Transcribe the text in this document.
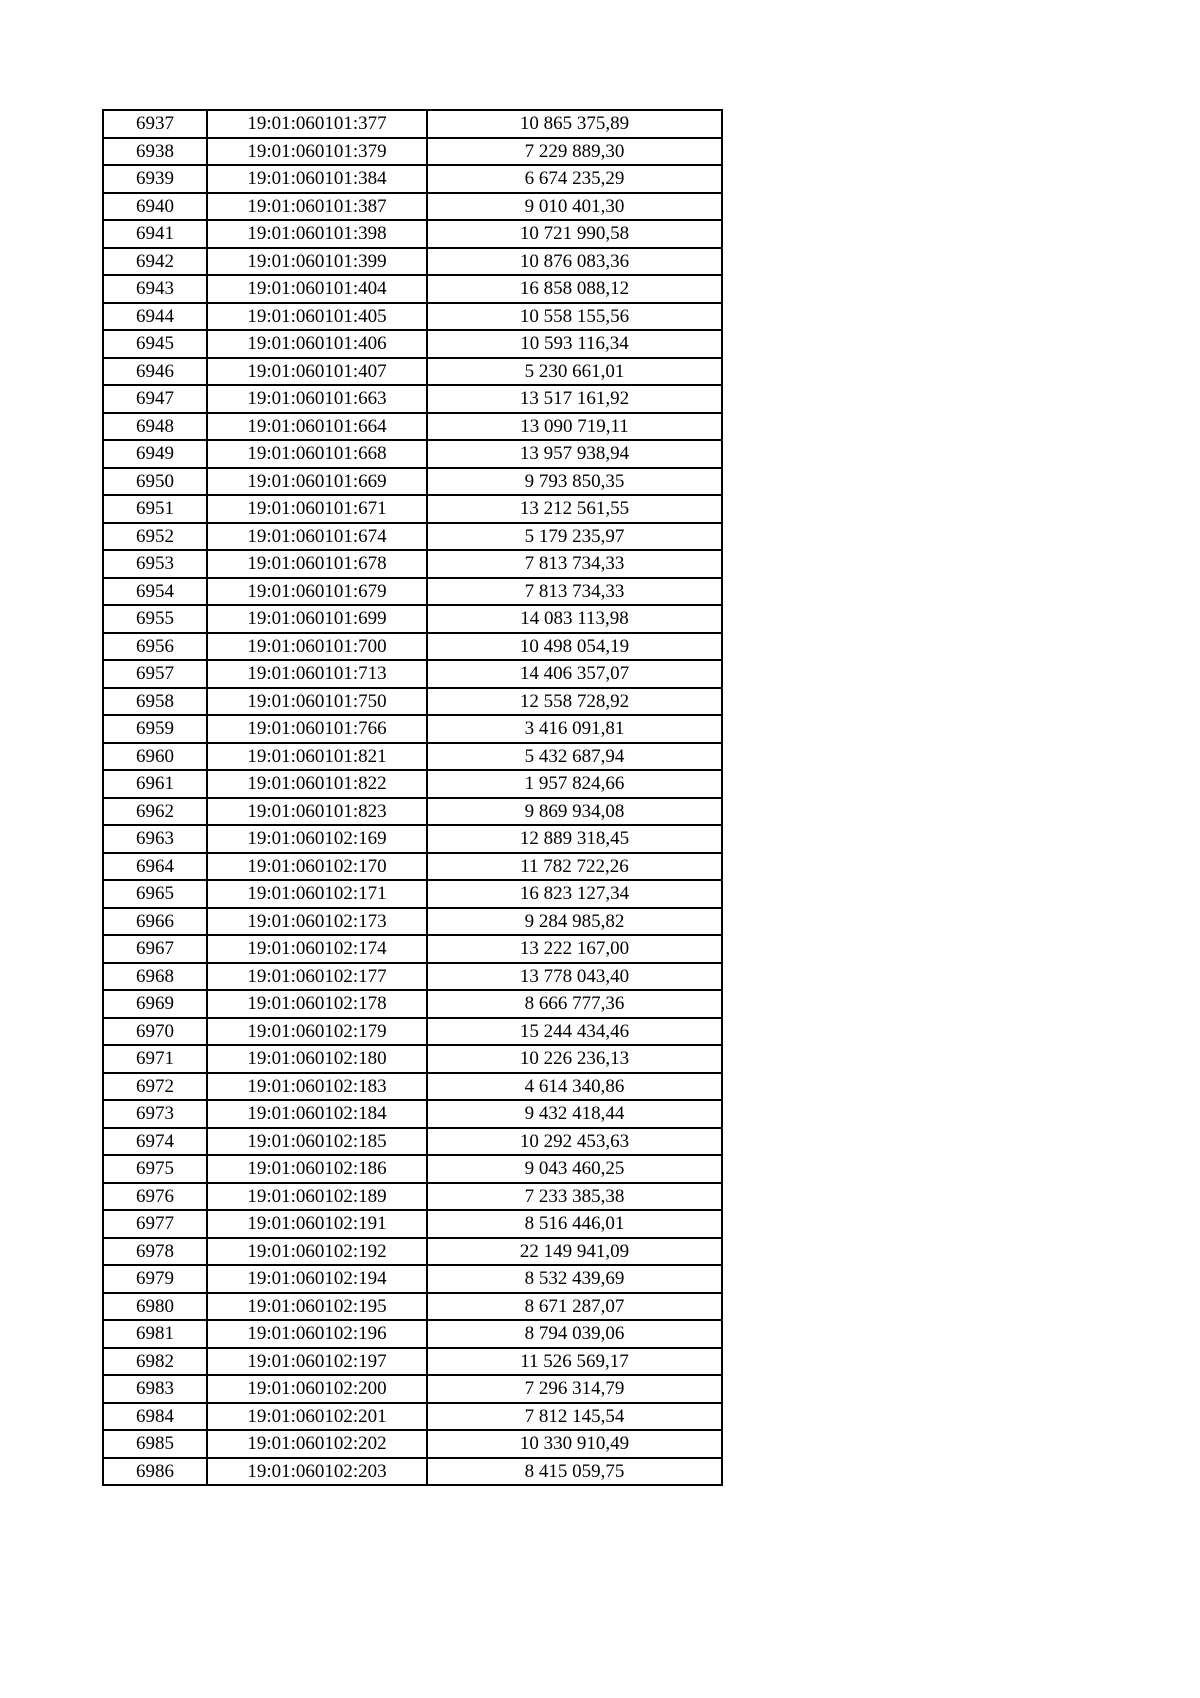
6937	19:01:060101:377	10 865 375,89
6938	19:01:060101:379	7 229 889,30
6939	19:01:060101:384	6 674 235,29
6940	19:01:060101:387	9 010 401,30
6941	19:01:060101:398	10 721 990,58
6942	19:01:060101:399	10 876 083,36
6943	19:01:060101:404	16 858 088,12
6944	19:01:060101:405	10 558 155,56
6945	19:01:060101:406	10 593 116,34
6946	19:01:060101:407	5 230 661,01
6947	19:01:060101:663	13 517 161,92
6948	19:01:060101:664	13 090 719,11
6949	19:01:060101:668	13 957 938,94
6950	19:01:060101:669	9 793 850,35
6951	19:01:060101:671	13 212 561,55
6952	19:01:060101:674	5 179 235,97
6953	19:01:060101:678	7 813 734,33
6954	19:01:060101:679	7 813 734,33
6955	19:01:060101:699	14 083 113,98
6956	19:01:060101:700	10 498 054,19
6957	19:01:060101:713	14 406 357,07
6958	19:01:060101:750	12 558 728,92
6959	19:01:060101:766	3 416 091,81
6960	19:01:060101:821	5 432 687,94
6961	19:01:060101:822	1 957 824,66
6962	19:01:060101:823	9 869 934,08
6963	19:01:060102:169	12 889 318,45
6964	19:01:060102:170	11 782 722,26
6965	19:01:060102:171	16 823 127,34
6966	19:01:060102:173	9 284 985,82
6967	19:01:060102:174	13 222 167,00
6968	19:01:060102:177	13 778 043,40
6969	19:01:060102:178	8 666 777,36
6970	19:01:060102:179	15 244 434,46
6971	19:01:060102:180	10 226 236,13
6972	19:01:060102:183	4 614 340,86
6973	19:01:060102:184	9 432 418,44
6974	19:01:060102:185	10 292 453,63
6975	19:01:060102:186	9 043 460,25
6976	19:01:060102:189	7 233 385,38
6977	19:01:060102:191	8 516 446,01
6978	19:01:060102:192	22 149 941,09
6979	19:01:060102:194	8 532 439,69
6980	19:01:060102:195	8 671 287,07
6981	19:01:060102:196	8 794 039,06
6982	19:01:060102:197	11 526 569,17
6983	19:01:060102:200	7 296 314,79
6984	19:01:060102:201	7 812 145,54
6985	19:01:060102:202	10 330 910,49
6986	19:01:060102:203	8 415 059,75
